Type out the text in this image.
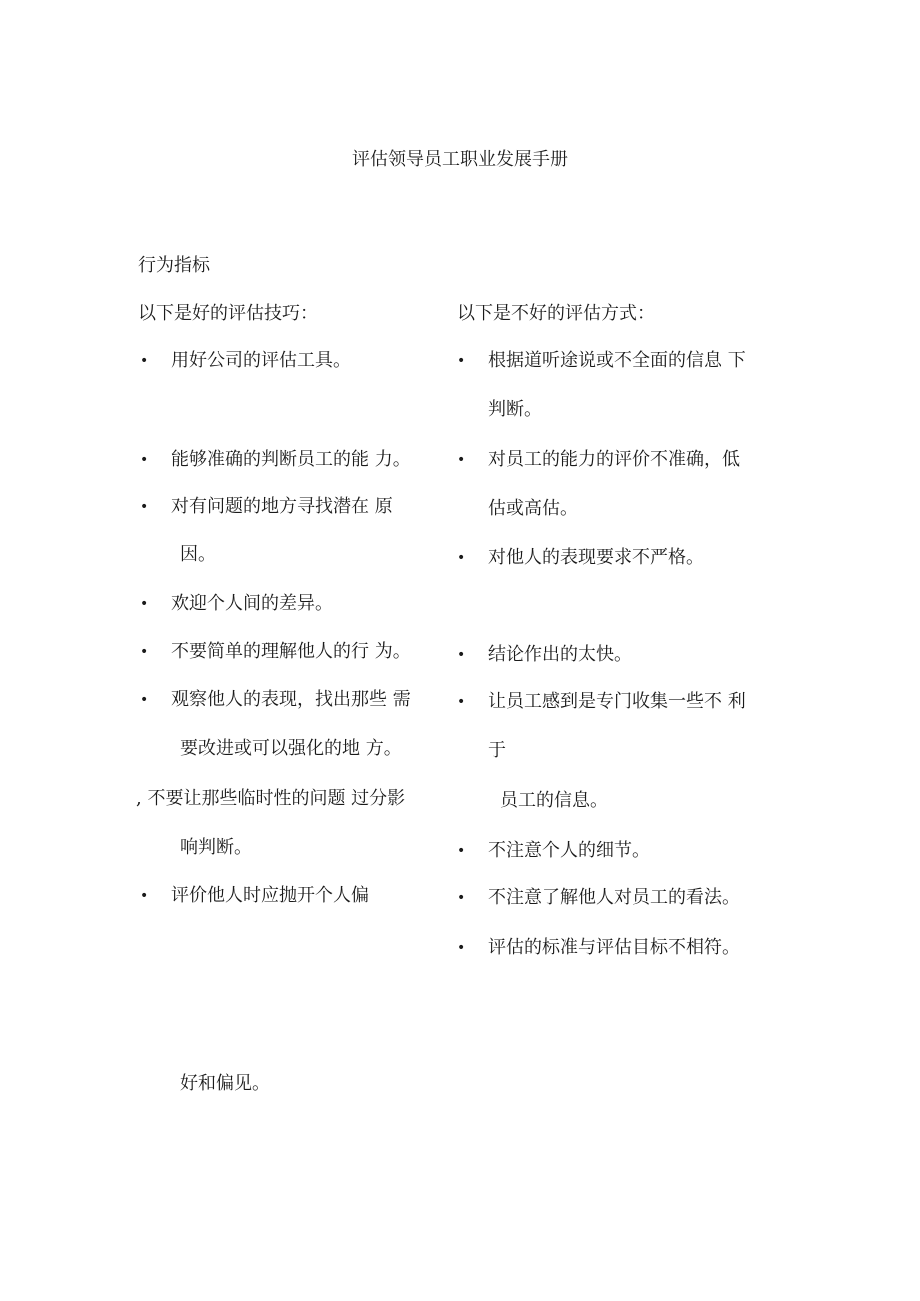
评估领导员工职业发展手册
行为指标
以下是好的评估技巧：
• 用好公司的评估工具。
• 能够准确的判断员工的能 力。
• 对有问题的地方寻找潜在 原
因。
• 欢迎个人间的差异。
• 不要简单的理解他人的行 为。
• 观察他人的表现，找出那些 需
要改进或可以强化的地 方。
, 不要让那些临时性的问题 过分影
响判断。
• 评价他人时应抛开个人偏
好和偏见。
以下是不好的评估方式：
• 根据道听途说或不全面的信息 下
判断。
• 对员工的能力的评价不准确，低
估或高估。
• 对他人的表现要求不严格。
• 结论作出的太快。
• 让员工感到是专门收集一些不 利
于
员工的信息。
• 不注意个人的细节。
• 不注意了解他人对员工的看法。
• 评估的标准与评估目标不相符。
